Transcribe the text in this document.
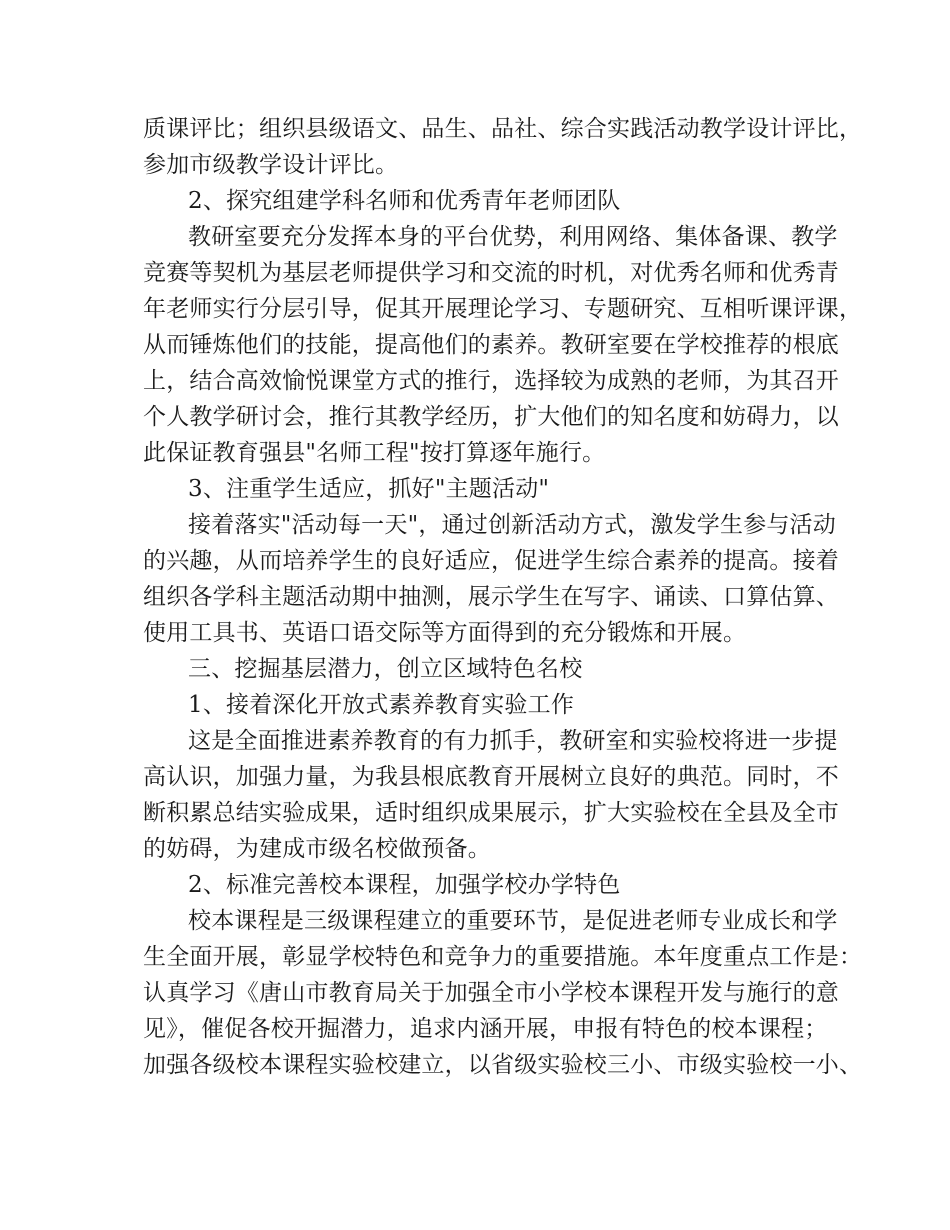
质课评比；组织县级语文、品生、品社、综合实践活动教学设计评比，
参加市级教学设计评比。
2、探究组建学科名师和优秀青年老师团队
教研室要充分发挥本身的平台优势，利用网络、集体备课、教学
竞赛等契机为基层老师提供学习和交流的时机，对优秀名师和优秀青
年老师实行分层引导，促其开展理论学习、专题研究、互相听课评课，
从而锤炼他们的技能，提高他们的素养。教研室要在学校推荐的根底
上，结合高效愉悦课堂方式的推行，选择较为成熟的老师，为其召开
个人教学研讨会，推行其教学经历，扩大他们的知名度和妨碍力，以
此保证教育强县"名师工程"按打算逐年施行。
3、注重学生适应，抓好"主题活动"
接着落实"活动每一天"，通过创新活动方式，激发学生参与活动
的兴趣，从而培养学生的良好适应，促进学生综合素养的提高。接着
组织各学科主题活动期中抽测，展示学生在写字、诵读、口算估算、
使用工具书、英语口语交际等方面得到的充分锻炼和开展。
三、挖掘基层潜力，创立区域特色名校
1、接着深化开放式素养教育实验工作
这是全面推进素养教育的有力抓手，教研室和实验校将进一步提
高认识，加强力量，为我县根底教育开展树立良好的典范。同时，不
断积累总结实验成果，适时组织成果展示，扩大实验校在全县及全市
的妨碍，为建成市级名校做预备。
2、标准完善校本课程，加强学校办学特色
校本课程是三级课程建立的重要环节，是促进老师专业成长和学
生全面开展，彰显学校特色和竞争力的重要措施。本年度重点工作是：
认真学习《唐山市教育局关于加强全市小学校本课程开发与施行的意
见》，催促各校开掘潜力，追求内涵开展，申报有特色的校本课程；
加强各级校本课程实验校建立，以省级实验校三小、市级实验校一小、
